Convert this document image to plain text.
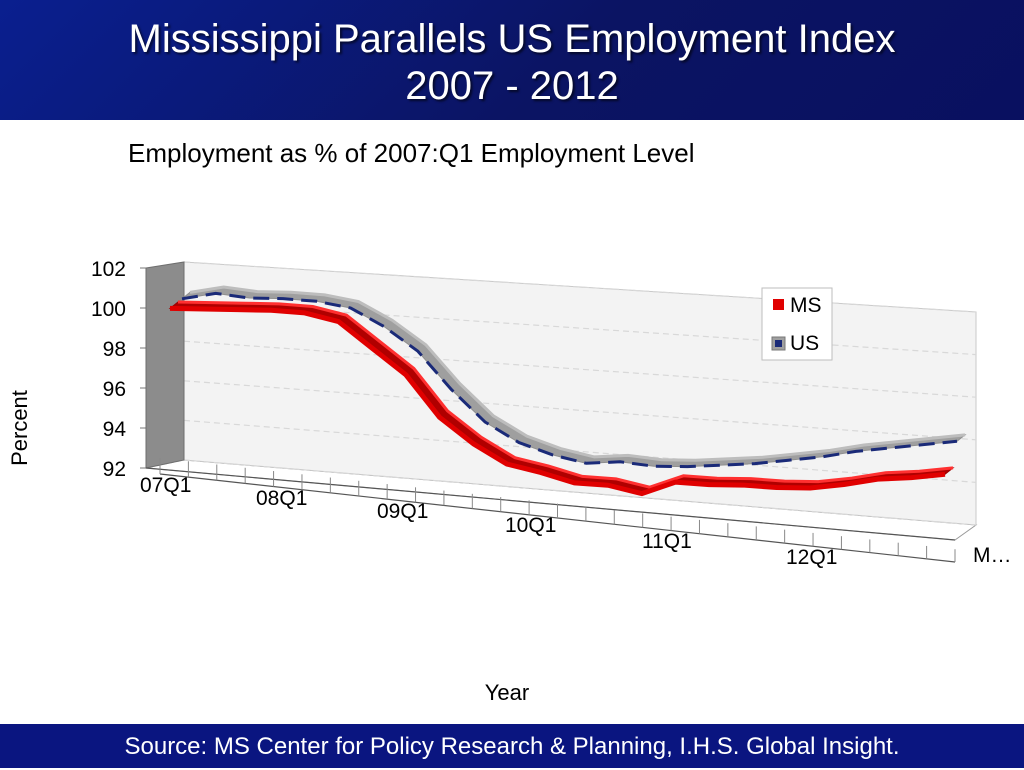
Mississippi Parallels US Employment Index
2007 - 2012
Employment as % of 2007:Q1 Employment Level
102
100
98
96
94
92
07Q1
08Q1
09Q1
10Q1
11Q1
12Q1	M…
MS
US
Percent
Year
Source: MS Center for Policy Research & Planning, I.H.S. Global Insight.
